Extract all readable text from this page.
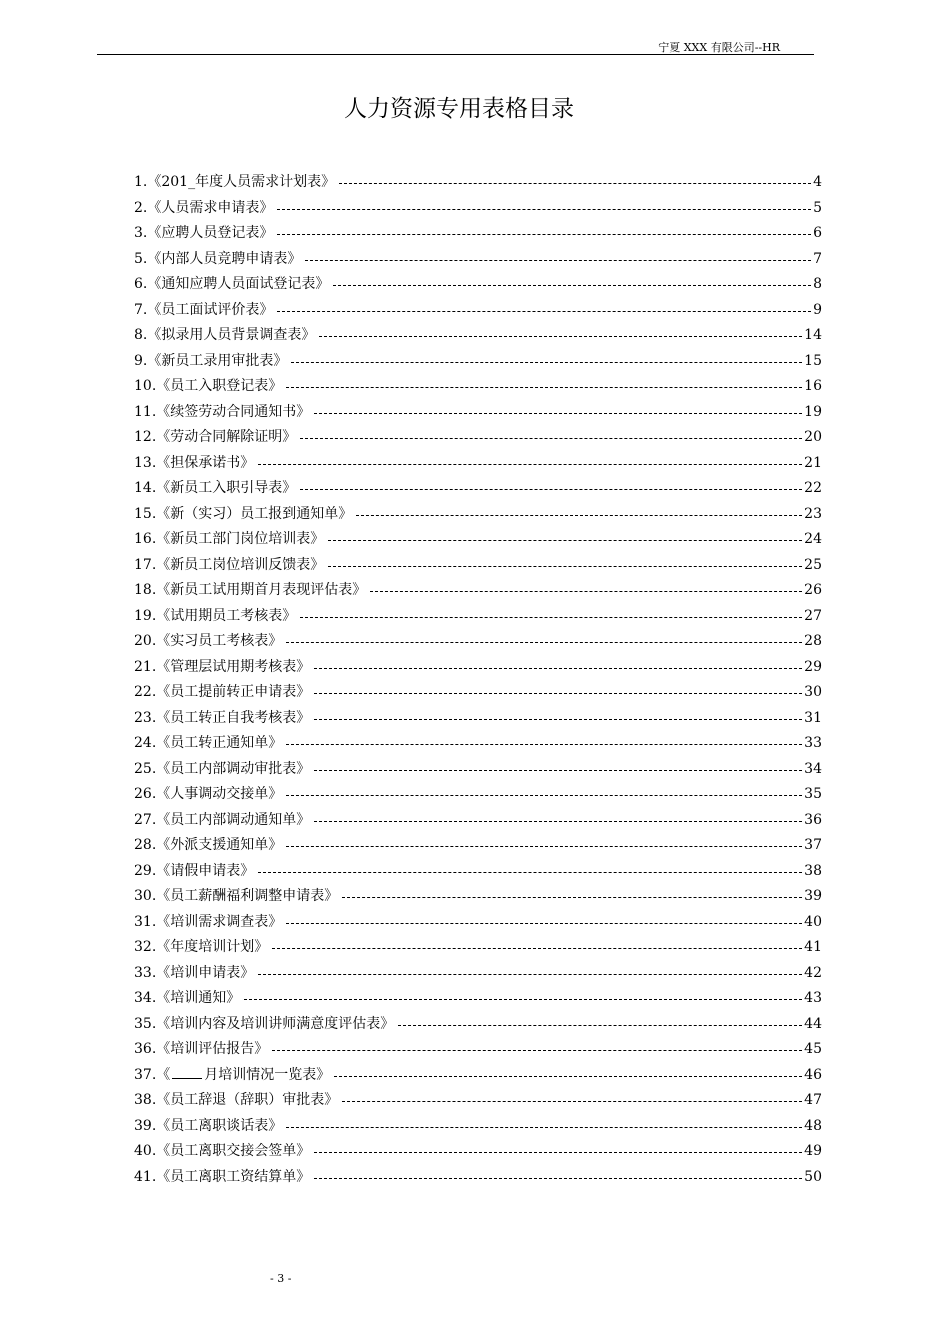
宁夏 XXX 有限公司--HR
人力资源专用表格目录
1.《201_年度人员需求计划表》	4
2.《人员需求申请表》	5
3.《应聘人员登记表》	6
5.《内部人员竞聘申请表》	7
6.《通知应聘人员面试登记表》	8
7.《员工面试评价表》	9
8.《拟录用人员背景调查表》	14
9.《新员工录用审批表》	15
10.《员工入职登记表》	16
11.《续签劳动合同通知书》	19
12.《劳动合同解除证明》	20
13.《担保承诺书》	21
14.《新员工入职引导表》	22
15.《新（实习）员工报到通知单》	23
16.《新员工部门岗位培训表》	24
17.《新员工岗位培训反馈表》	25
18.《新员工试用期首月表现评估表》	26
19.《试用期员工考核表》	27
20.《实习员工考核表》	28
21.《管理层试用期考核表》	29
22.《员工提前转正申请表》	30
23.《员工转正自我考核表》	31
24.《员工转正通知单》	33
25.《员工内部调动审批表》	34
26.《人事调动交接单》	35
27.《员工内部调动通知单》	36
28.《外派支援通知单》	37
29.《请假申请表》	38
30.《员工薪酬福利调整申请表》	39
31.《培训需求调查表》	40
32.《年度培训计划》	41
33.《培训申请表》	42
34.《培训通知》	43
35.《培训内容及培训讲师满意度评估表》	44
36.《培训评估报告》	45
37.《 月培训情况一览表》	46
38.《员工辞退（辞职）审批表》	47
39.《员工离职谈话表》	48
40.《员工离职交接会签单》	49
41.《员工离职工资结算单》	50
- 3 -
